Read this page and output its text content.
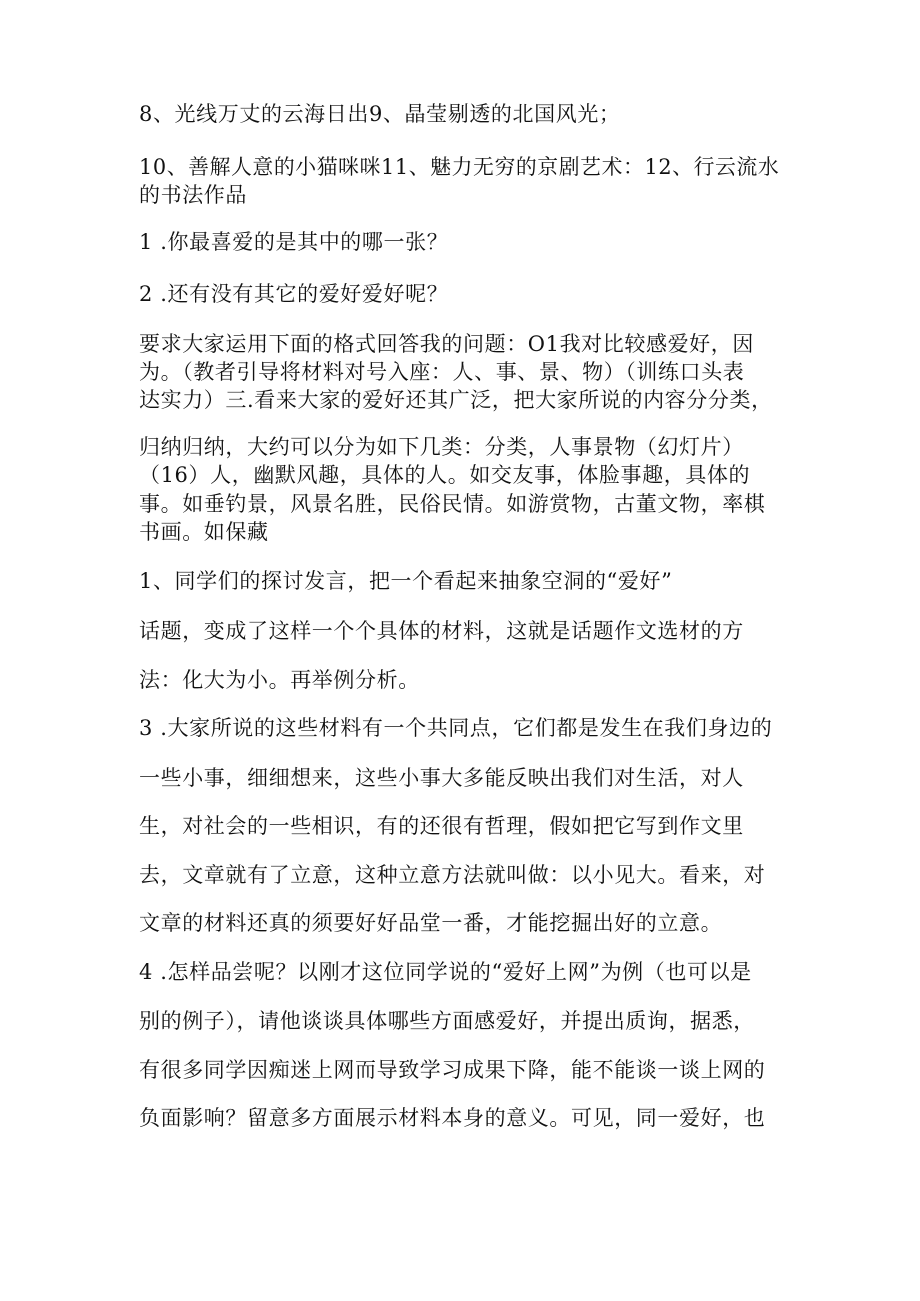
8、光线万丈的云海日出9、晶莹剔透的北国风光；
10、善解人意的小猫咪咪11、魅力无穷的京剧艺术：12、行云流水
的书法作品
1 .你最喜爱的是其中的哪一张？
2 .还有没有其它的爱好爱好呢？
要求大家运用下面的格式回答我的问题：O1我对比较感爱好，因
为。（教者引导将材料对号入座：人、事、景、物）（训练口头表
达实力）三.看来大家的爱好还其广泛，把大家所说的内容分分类，
归纳归纳，大约可以分为如下几类：分类，人事景物（幻灯片）
（16）人，幽默风趣，具体的人。如交友事，体脸事趣，具体的
事。如垂钓景，风景名胜，民俗民情。如游赏物，古董文物，率棋
书画。如保藏
1、同学们的探讨发言，把一个看起来抽象空洞的“爱好”
话题，变成了这样一个个具体的材料，这就是话题作文选材的方
法：化大为小。再举例分析。
3 .大家所说的这些材料有一个共同点，它们都是发生在我们身边的
一些小事，细细想来，这些小事大多能反映出我们对生活，对人
生，对社会的一些相识，有的还很有哲理，假如把它写到作文里
去，文章就有了立意，这种立意方法就叫做：以小见大。看来，对
文章的材料还真的须要好好品堂一番，才能挖掘出好的立意。
4 .怎样品尝呢？以刚才这位同学说的“爱好上网”为例（也可以是
别的例子），请他谈谈具体哪些方面感爱好，并提出质询，据悉，
有很多同学因痴迷上网而导致学习成果下降，能不能谈一谈上网的
负面影响？留意多方面展示材料本身的意义。可见，同一爱好，也
